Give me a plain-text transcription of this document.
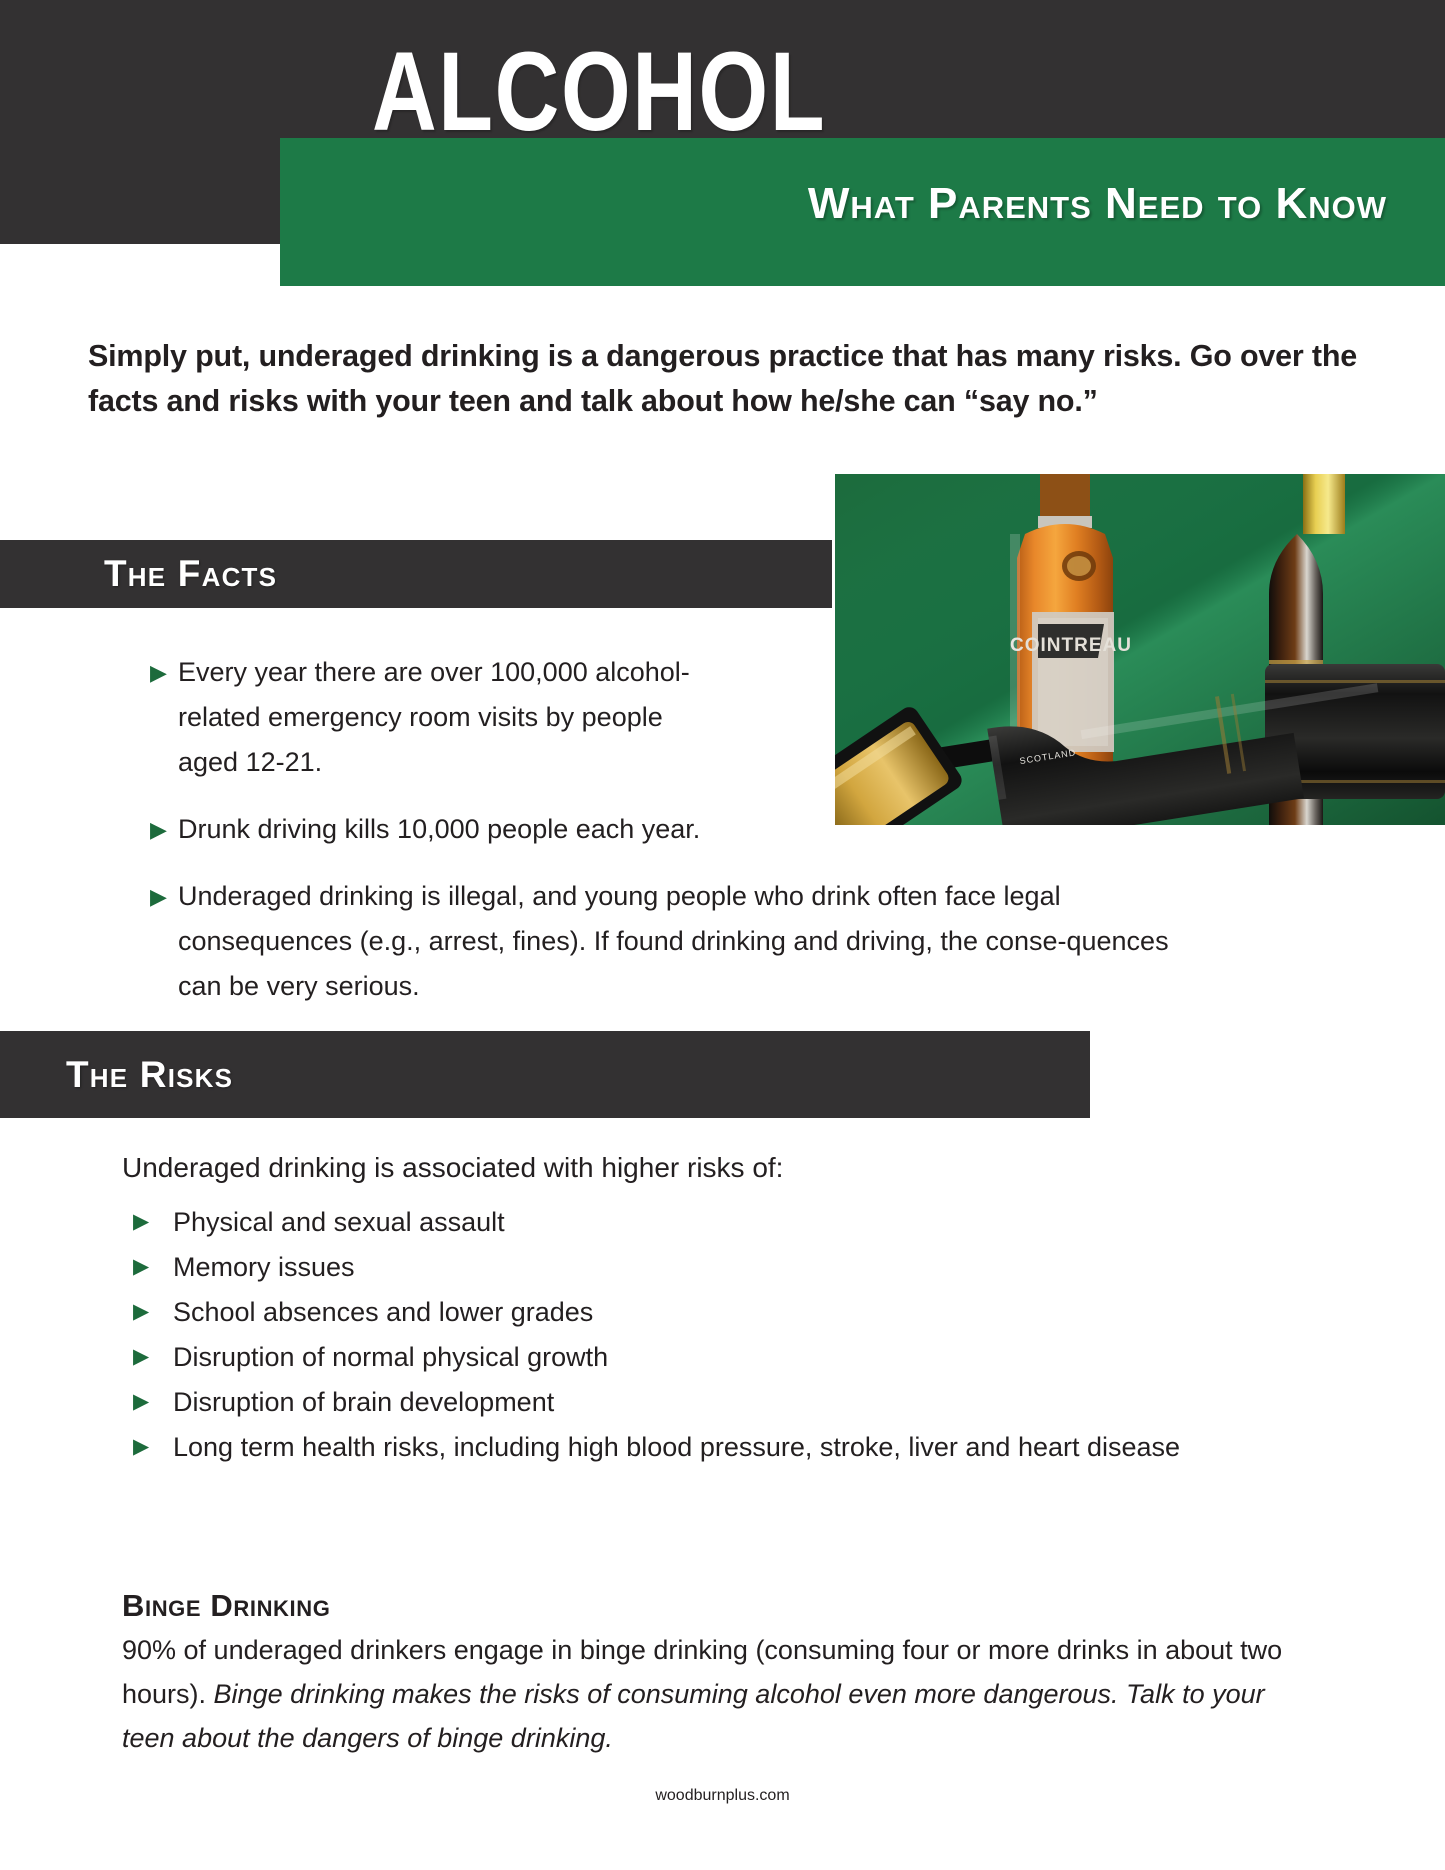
ALCOHOL
What Parents Need to Know
Simply put, underaged drinking is a dangerous practice that has many risks. Go over the facts and risks with your teen and talk about how he/she can “say no.”
COINTREAU
SCOTLAND
The Facts
▶ Every year there are over 100,000 alcohol-related emergency room visits by people aged 12-21.
▶ Drunk driving kills 10,000 people each year.
▶ Underaged drinking is illegal, and young people who drink often face legal consequences (e.g., arrest, fines). If found drinking and driving, the conse-quences can be very serious.
The Risks
Underaged drinking is associated with higher risks of:
▶ Physical and sexual assault
▶ Memory issues
▶ School absences and lower grades
▶ Disruption of normal physical growth
▶ Disruption of brain development
▶ Long term health risks, including high blood pressure, stroke, liver and heart disease
Binge Drinking
90% of underaged drinkers engage in binge drinking (consuming four or more drinks in about two hours). Binge drinking makes the risks of consuming alcohol even more dangerous. Talk to your teen about the dangers of binge drinking.
woodburnplus.com
